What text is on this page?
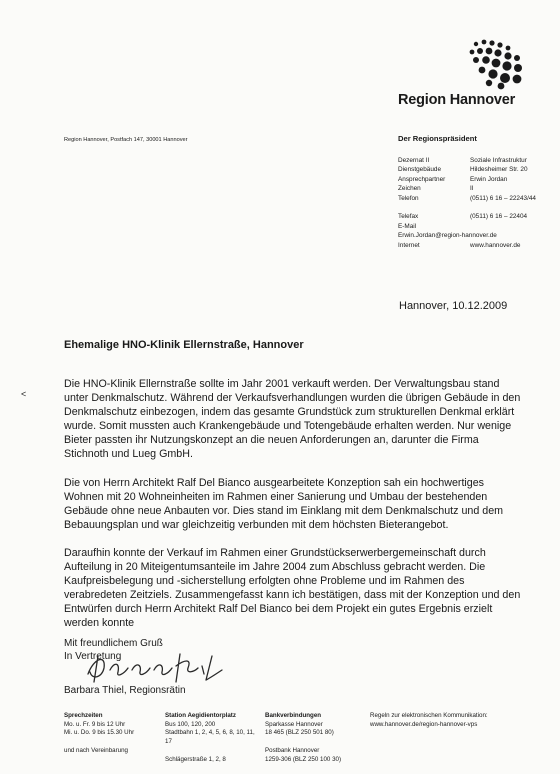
Region Hannover
Region Hannover, Postfach 147, 30001 Hannover	Der Regionspräsident
Dezernat II	Soziale Infrastruktur
Dienstgebäude	Hildesheimer Str. 20
Ansprechpartner	Erwin Jordan
Zeichen	II
Telefon	(0511) 6 16 – 22243/44
Telefax	(0511) 6 16 – 22404
E-Mail
Erwin.Jordan@region-hannover.de
Internet	www.hannover.de
Hannover, 10.12.2009
Ehemalige HNO-Klinik Ellernstraße, Hannover
<

Die HNO-Klinik Ellernstraße sollte im Jahr 2001 verkauft werden. Der Verwaltungsbau stand unter Denkmalschutz. Während der Verkaufsverhandlungen wurden die übrigen Gebäude in den Denkmalschutz einbezogen, indem das gesamte Grundstück zum strukturellen Denkmal erklärt wurde. Somit mussten auch Krankengebäude und Totengebäude erhalten werden. Nur wenige Bieter passten ihr Nutzungskonzept an die neuen Anforderungen an, darunter die Firma Stichnoth und Lueg GmbH.

Die von Herrn Architekt Ralf Del Bianco ausgearbeitete Konzeption sah ein hochwertiges Wohnen mit 20 Wohneinheiten im Rahmen einer Sanierung und Umbau der bestehenden Gebäude ohne neue Anbauten vor. Dies stand im Einklang mit dem Denkmalschutz und dem Bebauungsplan und war gleichzeitig verbunden mit dem höchsten Bieterangebot.

Daraufhin konnte der Verkauf im Rahmen einer Grundstückserwerbergemeinschaft durch Aufteilung in 20 Miteigentumsanteile im Jahre 2004 zum Abschluss gebracht werden. Die Kaufpreisbelegung und -sicherstellung erfolgten ohne Probleme und im Rahmen des verabredeten Zeitziels. Zusammengefasst kann ich bestätigen, dass mit der Konzeption und den Entwürfen durch Herrn Architekt Ralf Del Bianco bei dem Projekt ein gutes Ergebnis erzielt werden konnte

Mit freundlichem Gruß
In Vertretung
Barbara Thiel, Regionsrätin
Sprechzeiten
Mo. u. Fr. 9 bis 12 Uhr
Mi. u. Do. 9 bis 15.30 Uhr
und nach Vereinbarung
Station Aegidientorplatz
Bus 100, 120, 200
Stadtbahn 1, 2, 4, 5, 6, 8, 10, 11, 17
Schlägerstraße 1, 2, 8
Bankverbindungen
Sparkasse Hannover
18 465 (BLZ 250 501 80)
Postbank Hannover
1259-306 (BLZ 250 100 30)
Regeln zur elektronischen Kommunikation:
www.hannover.de/region-hannover-vps
